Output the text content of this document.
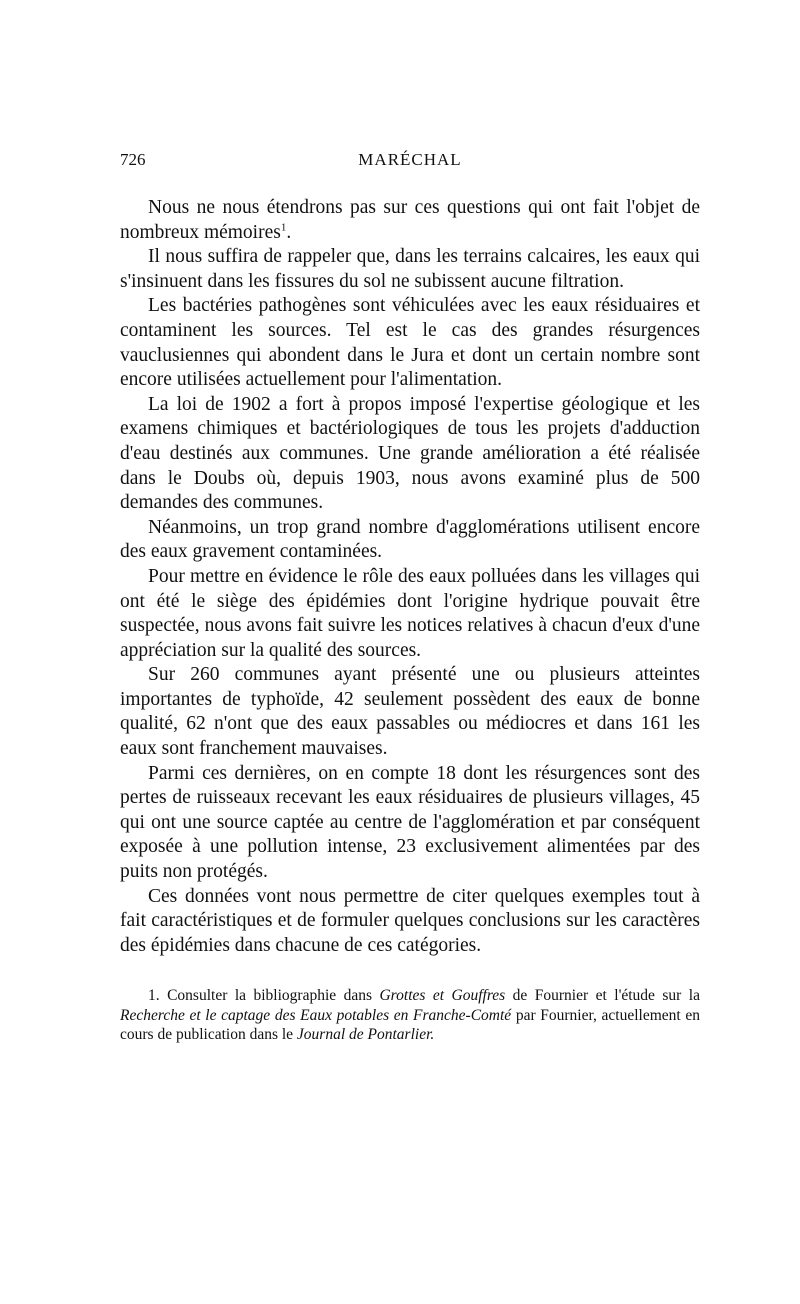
726	MARÉCHAL

Nous ne nous étendrons pas sur ces questions qui ont fait l'objet de nombreux mémoires$^1$.

Il nous suffira de rappeler que, dans les terrains calcaires, les eaux qui s'insinuent dans les fissures du sol ne subissent aucune filtration.

Les bactéries pathogènes sont véhiculées avec les eaux résiduaires et contaminent les sources. Tel est le cas des grandes résurgences vauclusiennes qui abondent dans le Jura et dont un certain nombre sont encore utilisées actuellement pour l'alimentation.

La loi de 1902 a fort à propos imposé l'expertise géologique et les examens chimiques et bactériologiques de tous les projets d'adduction d'eau destinés aux communes. Une grande amélioration a été réalisée dans le Doubs où, depuis 1903, nous avons examiné plus de 500 demandes des communes.

Néanmoins, un trop grand nombre d'agglomérations utilisent encore des eaux gravement contaminées.

Pour mettre en évidence le rôle des eaux polluées dans les villages qui ont été le siège des épidémies dont l'origine hydrique pouvait être suspectée, nous avons fait suivre les notices relatives à chacun d'eux d'une appréciation sur la qualité des sources.

Sur 260 communes ayant présenté une ou plusieurs atteintes importantes de typhoïde, 42 seulement possèdent des eaux de bonne qualité, 62 n'ont que des eaux passables ou médiocres et dans 161 les eaux sont franchement mauvaises.

Parmi ces dernières, on en compte 18 dont les résurgences sont des pertes de ruisseaux recevant les eaux résiduaires de plusieurs villages, 45 qui ont une source captée au centre de l'agglomération et par conséquent exposée à une pollution intense, 23 exclusivement alimentées par des puits non protégés.

Ces données vont nous permettre de citer quelques exemples tout à fait caractéristiques et de formuler quelques conclusions sur les caractères des épidémies dans chacune de ces catégories.

1. Consulter la bibliographie dans Grottes et Gouffres de Fournier et l'étude sur la Recherche et le captage des Eaux potables en Franche-Comté par Fournier, actuellement en cours de publication dans le Journal de Pontarlier.
